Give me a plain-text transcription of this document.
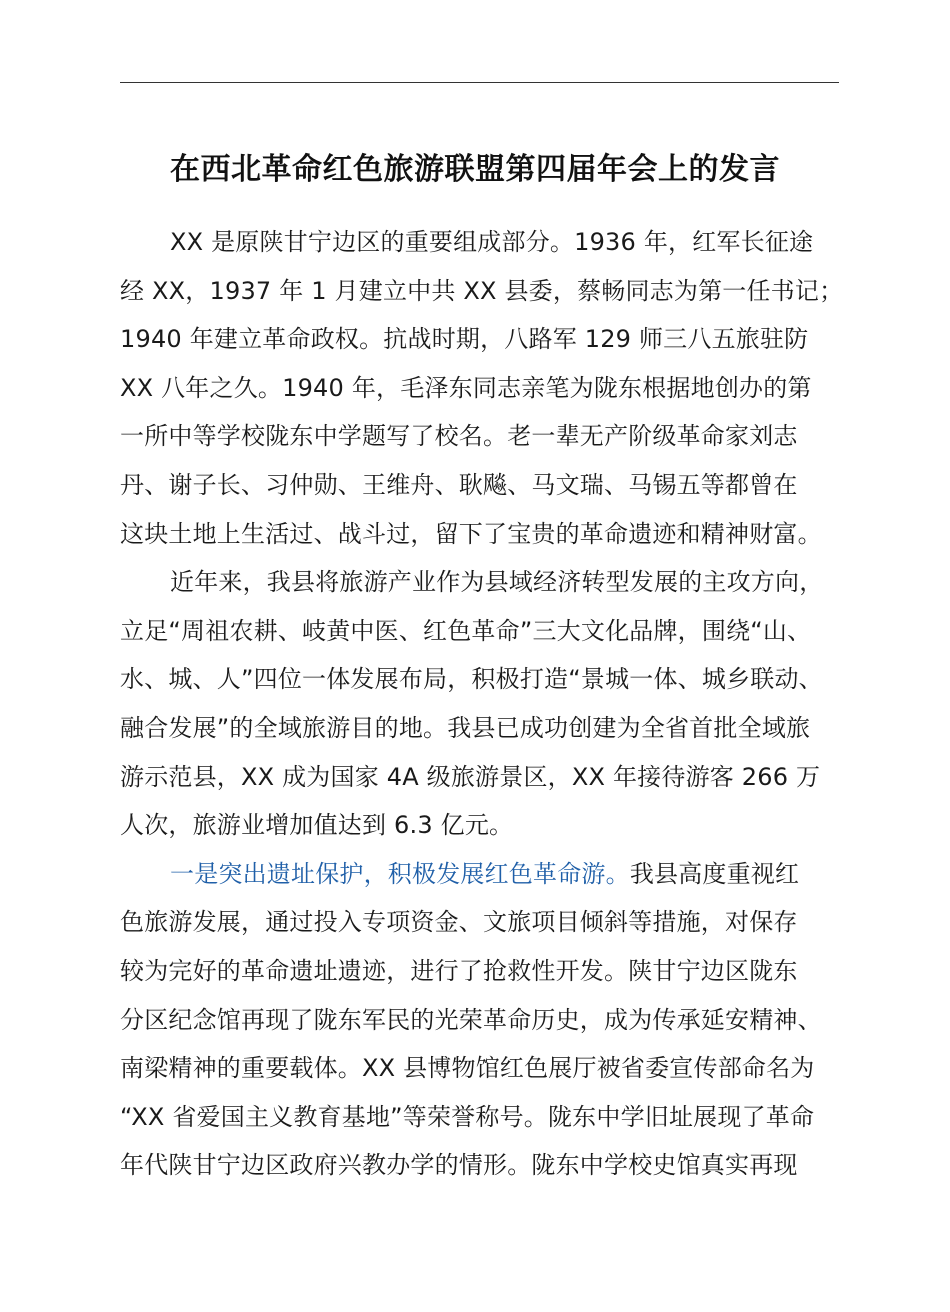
在西北革命红色旅游联盟第四届年会上的发言

XX 是原陕甘宁边区的重要组成部分。1936 年，红军长征途
经 XX，1937 年 1 月建立中共 XX 县委，蔡畅同志为第一任书记；
1940 年建立革命政权。抗战时期，八路军 129 师三八五旅驻防
XX 八年之久。1940 年，毛泽东同志亲笔为陇东根据地创办的第
一所中等学校陇东中学题写了校名。老一辈无产阶级革命家刘志
丹、谢子长、习仲勋、王维舟、耿飚、马文瑞、马锡五等都曾在
这块土地上生活过、战斗过，留下了宝贵的革命遗迹和精神财富。

近年来，我县将旅游产业作为县域经济转型发展的主攻方向，
立足“周祖农耕、岐黄中医、红色革命”三大文化品牌，围绕“山、
水、城、人”四位一体发展布局，积极打造“景城一体、城乡联动、
融合发展”的全域旅游目的地。我县已成功创建为全省首批全域旅
游示范县，XX 成为国家 4A 级旅游景区，XX 年接待游客 266 万
人次，旅游业增加值达到 6.3 亿元。

一是突出遗址保护，积极发展红色革命游。我县高度重视红
色旅游发展，通过投入专项资金、文旅项目倾斜等措施，对保存
较为完好的革命遗址遗迹，进行了抢救性开发。陕甘宁边区陇东
分区纪念馆再现了陇东军民的光荣革命历史，成为传承延安精神、
南梁精神的重要载体。XX 县博物馆红色展厅被省委宣传部命名为
“XX 省爱国主义教育基地”等荣誉称号。陇东中学旧址展现了革命
年代陕甘宁边区政府兴教办学的情形。陇东中学校史馆真实再现
